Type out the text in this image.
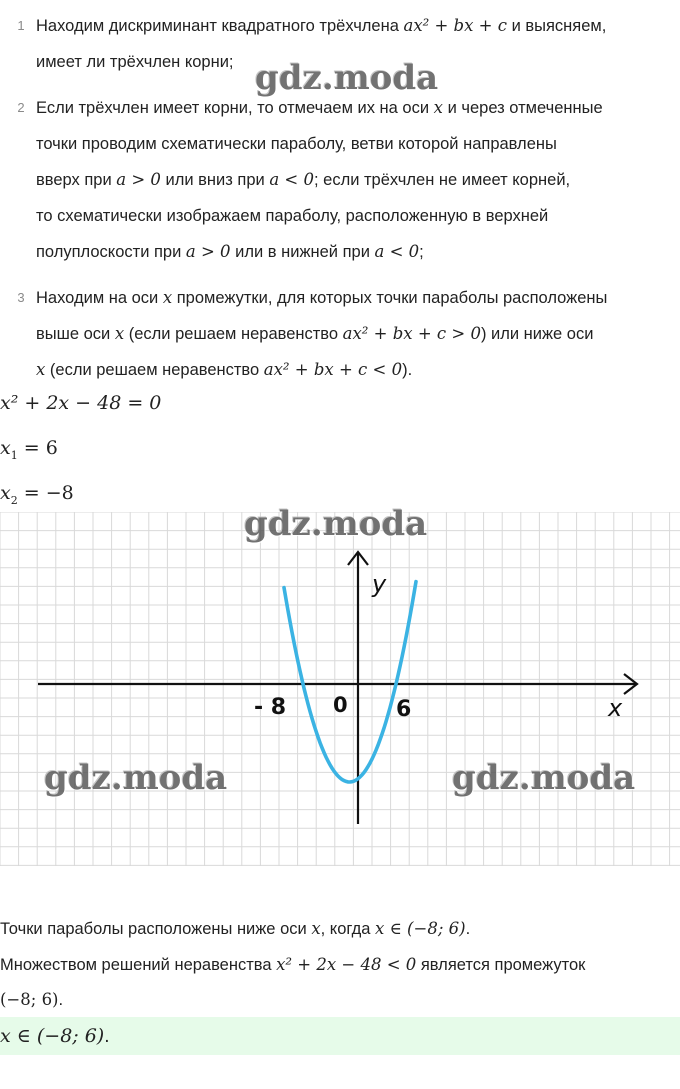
1 Находим дискриминант квадратного трёхчлена ax² + bx + c и выясняем,
имеет ли трёхчлен корни;
2 Если трёхчлен имеет корни, то отмечаем их на оси x и через отмеченные
точки проводим схематически параболу, ветви которой направлены
вверх при a > 0 или вниз при a < 0; если трёхчлен не имеет корней,
то схематически изображаем параболу, расположенную в верхней
полуплоскости при a > 0 или в нижней при a < 0;
3 Находим на оси x промежутки, для которых точки параболы расположены
выше оси x (если решаем неравенство ax² + bx + c > 0) или ниже оси
x (если решаем неравенство ax² + bx + c < 0).
gdz.moda
x² + 2x − 48 = 0
$x_1 = 6$
$x_2 = -8$
y
x
- 8 0 6
gdz.moda
gdz.moda	gdz.moda
Точки параболы расположены ниже оси x, когда x ∈ (−8; 6).
Множеством решений неравенства x² + 2x − 48 < 0 является промежуток
(−8; 6).
x ∈ (−8; 6).
